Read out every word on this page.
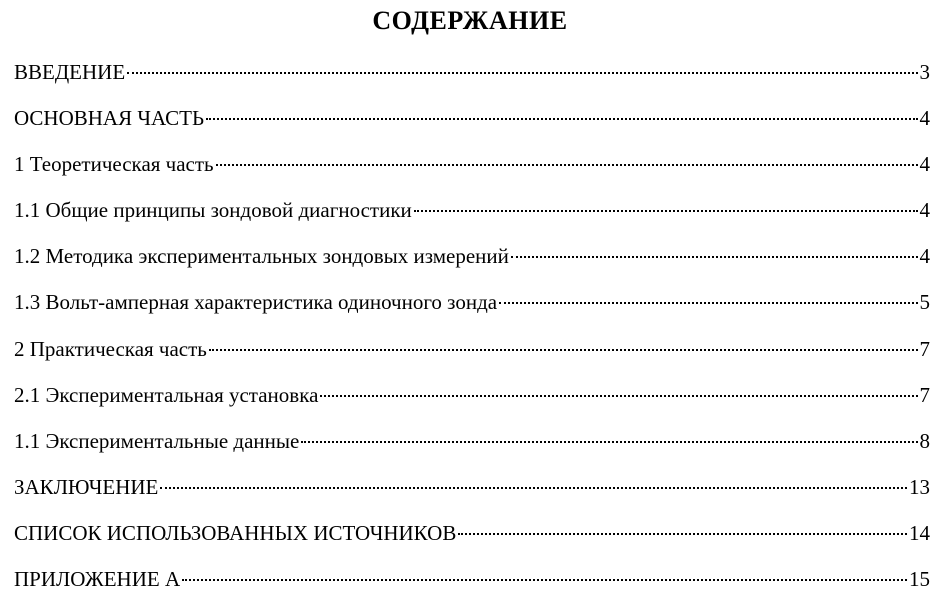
СОДЕРЖАНИЕ
ВВЕДЕНИЕ	3
ОСНОВНАЯ ЧАСТЬ	4
1 Теоретическая часть	4
1.1 Общие принципы зондовой диагностики	4
1.2 Методика экспериментальных зондовых измерений	4
1.3 Вольт-амперная характеристика одиночного зонда	5
2 Практическая часть	7
2.1 Экспериментальная установка	7
1.1 Экспериментальные данные	8
ЗАКЛЮЧЕНИЕ	13
СПИСОК ИСПОЛЬЗОВАННЫХ ИСТОЧНИКОВ	14
ПРИЛОЖЕНИЕ А	15
